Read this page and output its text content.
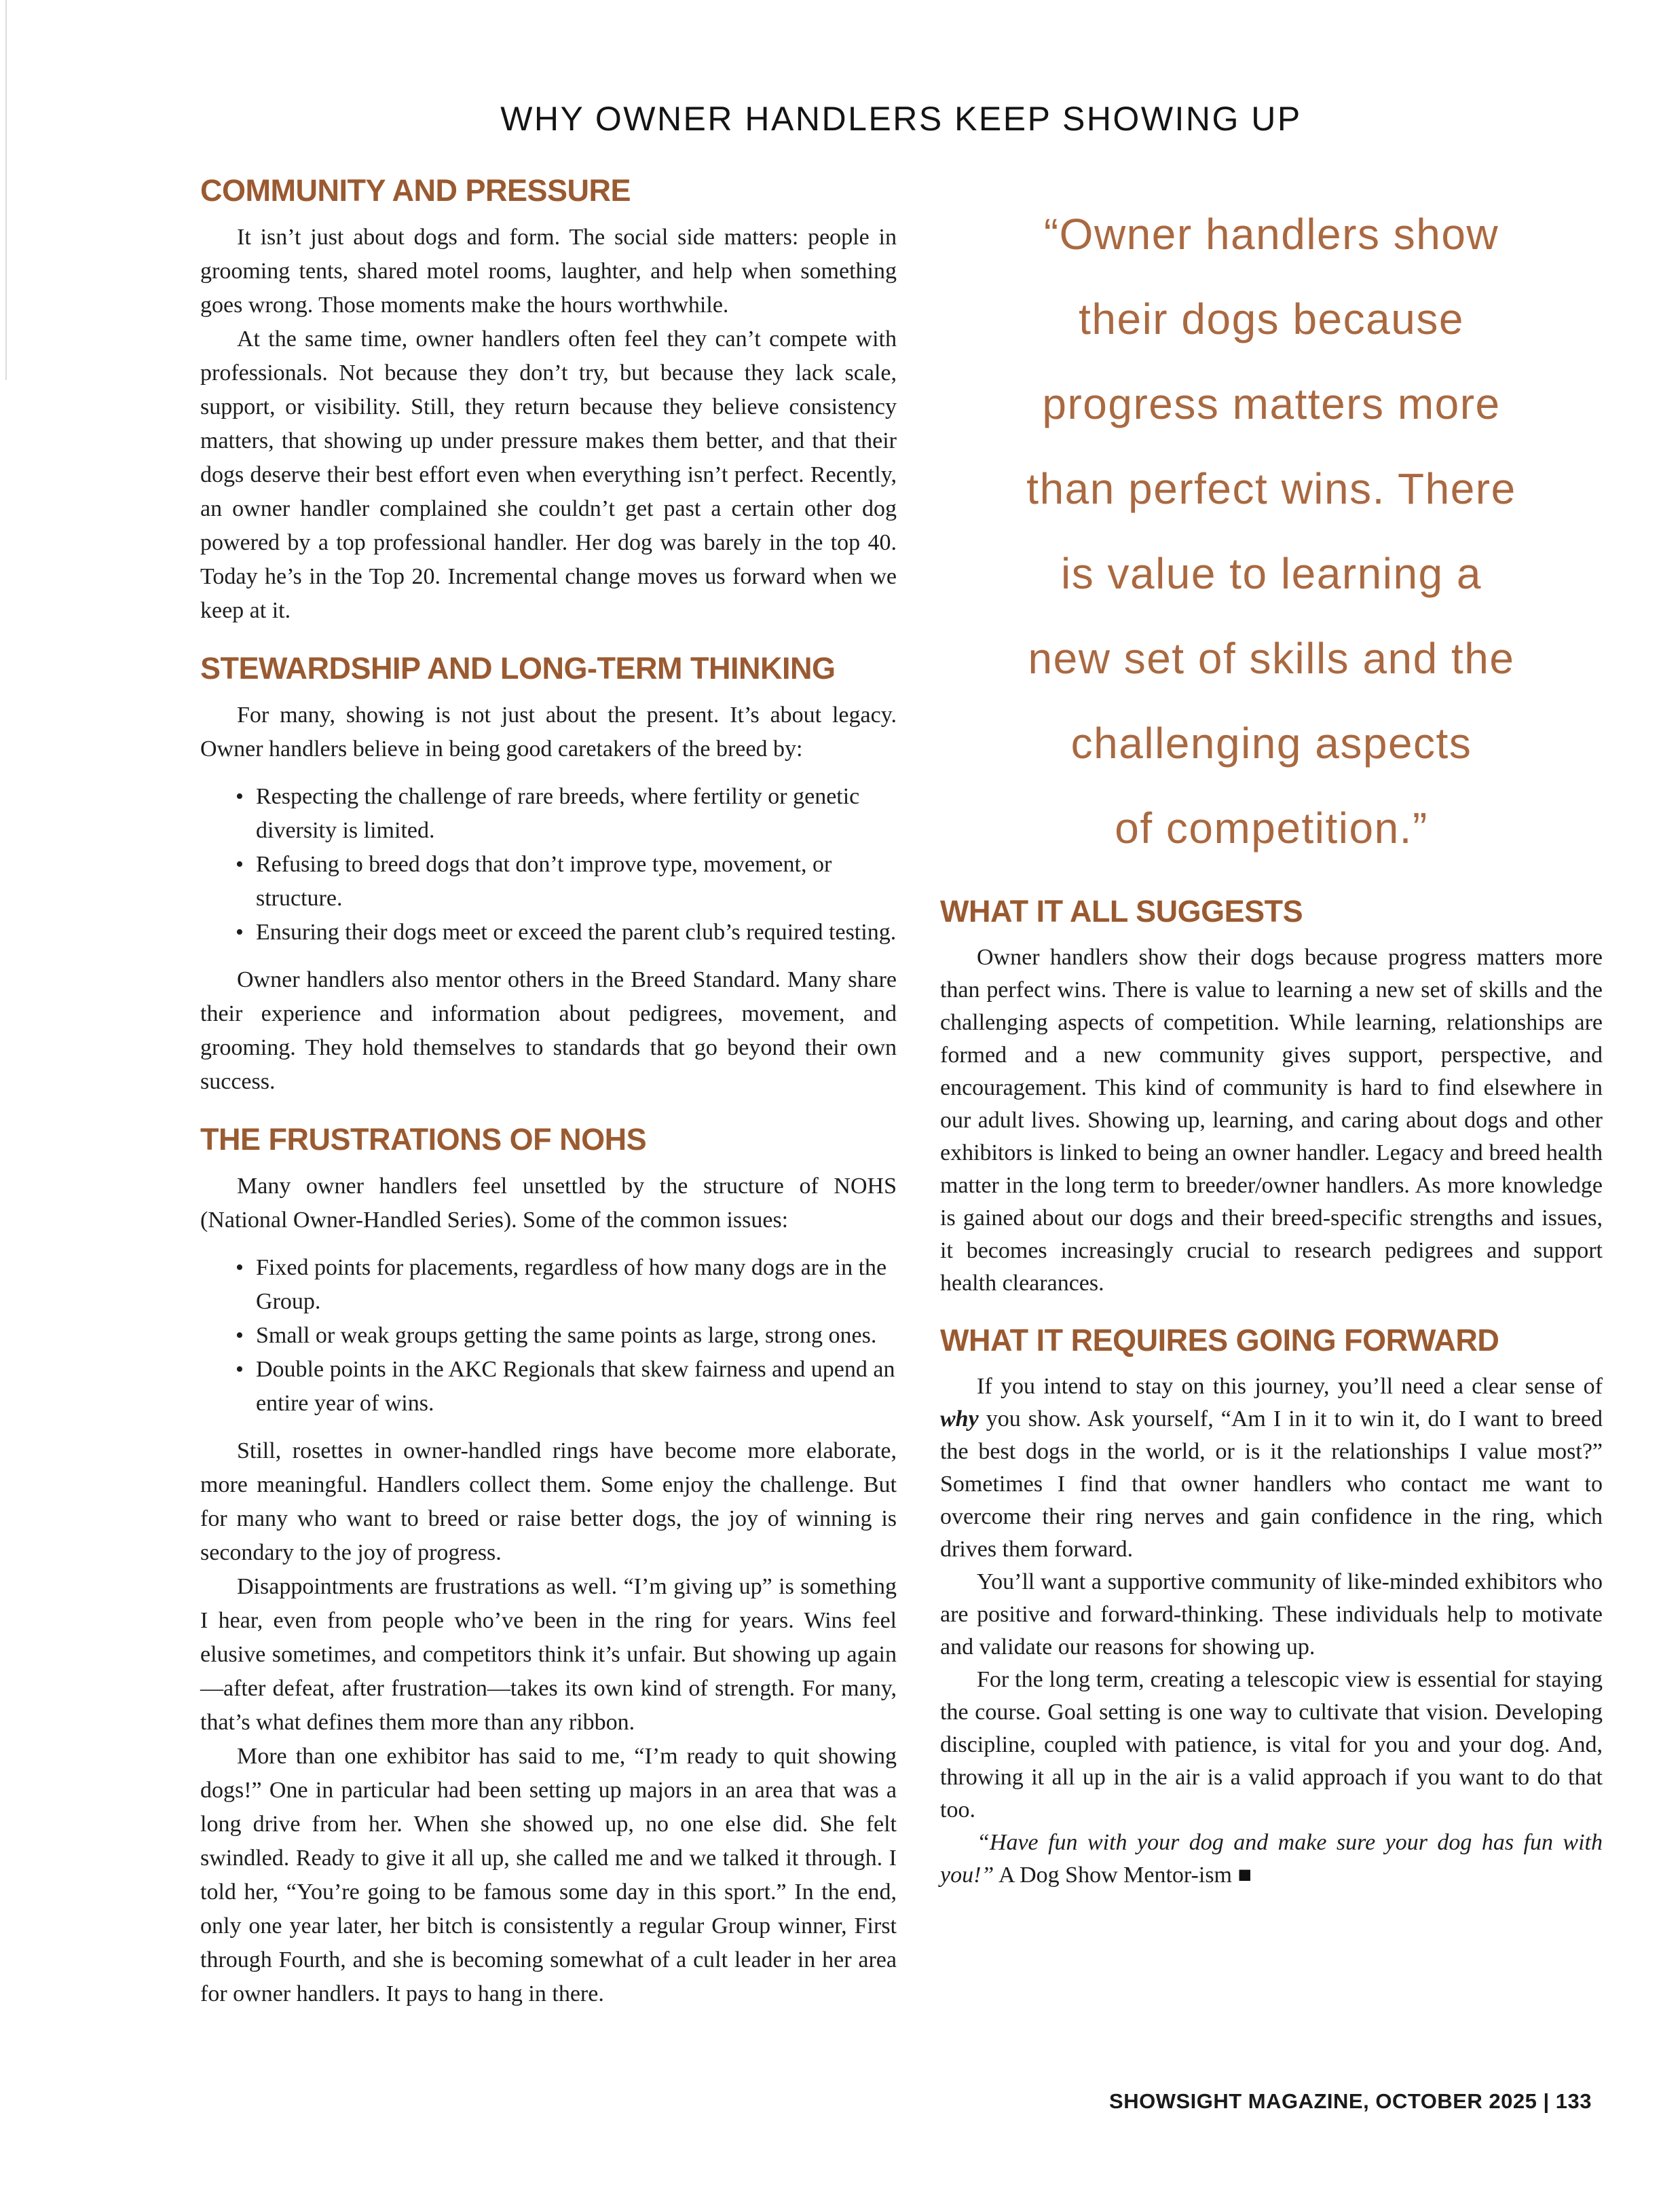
WHY OWNER HANDLERS KEEP SHOWING UP
COMMUNITY AND PRESSURE

It isn’t just about dogs and form. The social side matters: people in grooming tents, shared motel rooms, laughter, and help when something goes wrong. Those moments make the hours worthwhile.

At the same time, owner handlers often feel they can’t compete with professionals. Not because they don’t try, but because they lack scale, support, or visibility. Still, they return because they believe consistency matters, that showing up under pressure makes them better, and that their dogs deserve their best effort even when everything isn’t perfect. Recently, an owner handler complained she couldn’t get past a certain other dog powered by a top professional handler. Her dog was barely in the top 40. Today he’s in the Top 20. Incremental change moves us forward when we keep at it.

STEWARDSHIP AND LONG-TERM THINKING

For many, showing is not just about the present. It’s about legacy. Owner handlers believe in being good caretakers of the breed by:

• Respecting the challenge of rare breeds, where fertility or genetic diversity is limited.
• Refusing to breed dogs that don’t improve type, movement, or structure.
• Ensuring their dogs meet or exceed the parent club’s required testing.

Owner handlers also mentor others in the Breed Standard. Many share their experience and information about pedigrees, movement, and grooming. They hold themselves to standards that go beyond their own success.

THE FRUSTRATIONS OF NOHS

Many owner handlers feel unsettled by the structure of NOHS (National Owner-Handled Series). Some of the common issues:

• Fixed points for placements, regardless of how many dogs are in the Group.
• Small or weak groups getting the same points as large, strong ones.
• Double points in the AKC Regionals that skew fairness and upend an entire year of wins.

Still, rosettes in owner-handled rings have become more elaborate, more meaningful. Handlers collect them. Some enjoy the challenge. But for many who want to breed or raise better dogs, the joy of winning is secondary to the joy of progress.

Disappointments are frustrations as well. “I’m giving up” is something I hear, even from people who’ve been in the ring for years. Wins feel elusive sometimes, and competitors think it’s unfair. But showing up again—after defeat, after frustration—takes its own kind of strength. For many, that’s what defines them more than any ribbon.

More than one exhibitor has said to me, “I’m ready to quit showing dogs!” One in particular had been setting up majors in an area that was a long drive from her. When she showed up, no one else did. She felt swindled. Ready to give it all up, she called me and we talked it through. I told her, “You’re going to be famous some day in this sport.” In the end, only one year later, her bitch is consistently a regular Group winner, First through Fourth, and she is becoming somewhat of a cult leader in her area for owner handlers. It pays to hang in there.

“Owner handlers show
their dogs because
progress matters more
than perfect wins. There
is value to learning a
new set of skills and the
challenging aspects
of competition.”
WHAT IT ALL SUGGESTS

Owner handlers show their dogs because progress matters more than perfect wins. There is value to learning a new set of skills and the challenging aspects of competition. While learning, relationships are formed and a new community gives support, perspective, and encouragement. This kind of community is hard to find elsewhere in our adult lives. Showing up, learning, and caring about dogs and other exhibitors is linked to being an owner handler. Legacy and breed health matter in the long term to breeder/owner handlers. As more knowledge is gained about our dogs and their breed-specific strengths and issues, it becomes increasingly crucial to research pedigrees and support health clearances.

WHAT IT REQUIRES GOING FORWARD

If you intend to stay on this journey, you’ll need a clear sense of why you show. Ask yourself, “Am I in it to win it, do I want to breed the best dogs in the world, or is it the relationships I value most?” Sometimes I find that owner handlers who contact me want to overcome their ring nerves and gain confidence in the ring, which drives them forward.

You’ll want a supportive community of like-minded exhibitors who are positive and forward-thinking. These individuals help to motivate and validate our reasons for showing up.

For the long term, creating a telescopic view is essential for staying the course. Goal setting is one way to cultivate that vision. Developing discipline, coupled with patience, is vital for you and your dog. And, throwing it all up in the air is a valid approach if you want to do that too.

“Have fun with your dog and make sure your dog has fun with you!” A Dog Show Mentor-ism ■

SHOWSIGHT MAGAZINE, OCTOBER 2025 | 133
